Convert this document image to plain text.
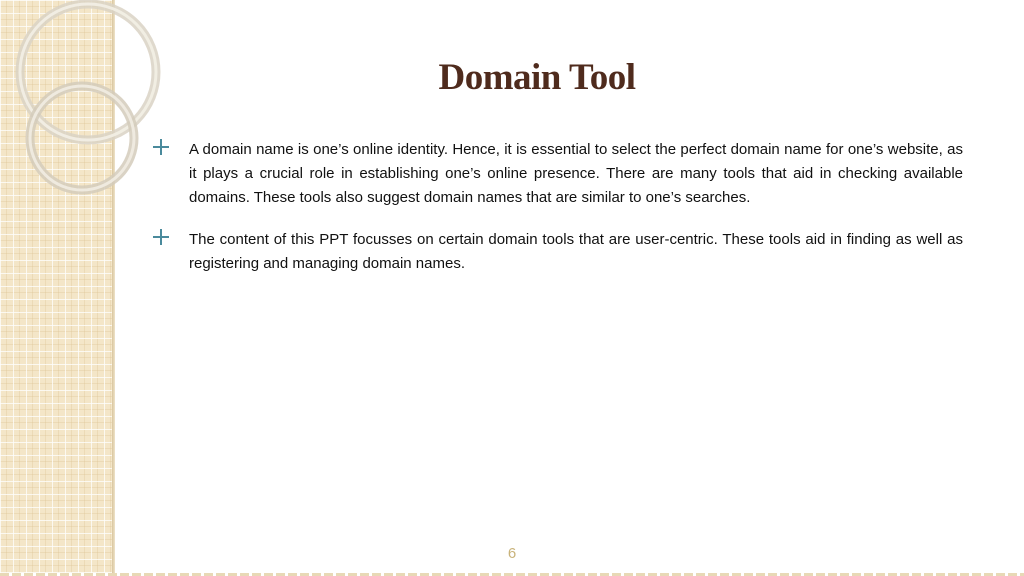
Domain Tool

A domain name is one’s online identity. Hence, it is essential to select the perfect domain name for one’s website, as it plays a crucial role in establishing one’s online presence. There are many tools that aid in checking available domains. These tools also suggest domain names that are similar to one’s searches.

The content of this PPT focusses on certain domain tools that are user-centric. These tools aid in finding as well as registering and managing domain names.

6
